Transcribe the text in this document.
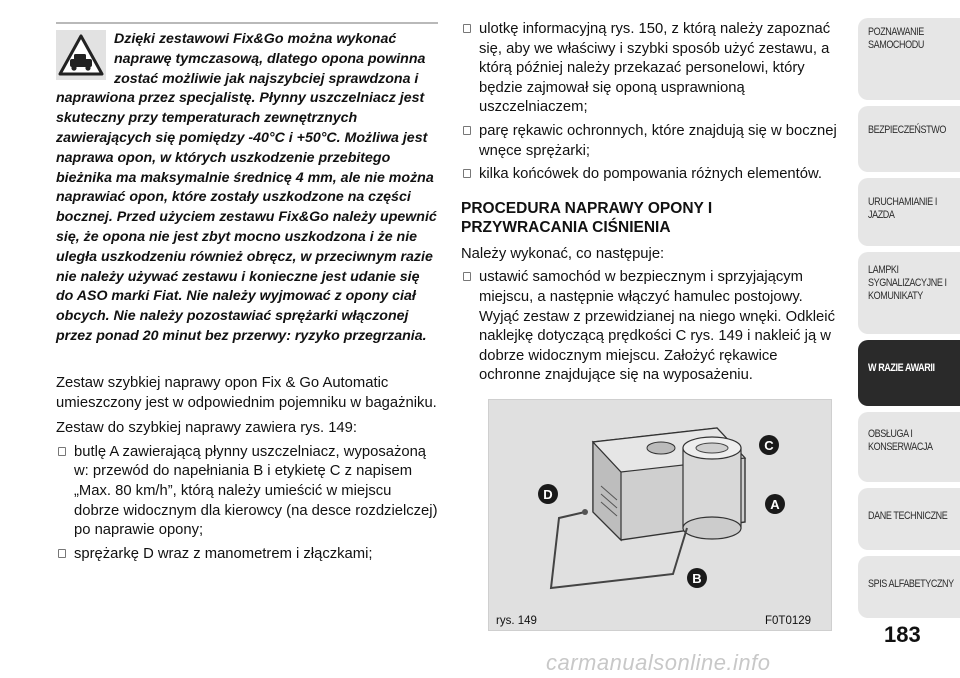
Dzięki zestawowi Fix&Go można wykonać naprawę tymczasową, dlatego opona powinna zostać możliwie jak najszybciej sprawdzona i naprawiona przez specjalistę. Płynny uszczelniacz jest skuteczny przy temperaturach zewnętrznych zawierających się pomiędzy -40°C i +50°C. Możliwa jest naprawa opon, w których uszkodzenie przebitego bieżnika ma maksymalnie średnicę 4 mm, ale nie można naprawiać opon, które zostały uszkodzone na części bocznej. Przed użyciem zestawu Fix&Go należy upewnić się, że opona nie jest zbyt mocno uszkodzona i że nie uległa uszkodzeniu również obręcz, w przeciwnym razie nie należy używać zestawu i konieczne jest udanie się do ASO marki Fiat. Nie należy wyjmować z opony ciał obcych. Nie należy pozostawiać sprężarki włączonej przez ponad 20 minut bez przerwy: ryzyko przegrzania.

Zestaw szybkiej naprawy opon Fix & Go Automatic umieszczony jest w odpowiednim pojemniku w bagażniku.

Zestaw do szybkiej naprawy zawiera rys. 149:

butlę A zawierającą płynny uszczelniacz, wyposażoną w: przewód do napełniania B i etykietę C z napisem „Max. 80 km/h”, którą należy umieścić w miejscu dobrze widocznym dla kierowcy (na desce rozdzielczej) po naprawie opony;
sprężarkę D wraz z manometrem i złączkami;
ulotkę informacyjną rys. 150, z którą należy zapoznać się, aby we właściwy i szybki sposób użyć zestawu, a którą później należy przekazać personelowi, który będzie zajmował się oponą usprawnioną uszczelniaczem;
parę rękawic ochronnych, które znajdują się w bocznej wnęce sprężarki;
kilka końcówek do pompowania różnych elementów.
PROCEDURA NAPRAWY OPONY I PRZYWRACANIA CIŚNIENIA

Należy wykonać, co następuje:

ustawić samochód w bezpiecznym i sprzyjającym miejscu, a następnie włączyć hamulec postojowy. Wyjąć zestaw z przewidzianej na niego wnęki. Odkleić naklejkę dotyczącą prędkości C rys. 149 i nakleić ją w dobrze widocznym miejscu. Założyć rękawice ochronne znajdujące się na wyposażeniu.
C
D
A
B
rys. 149	F0T0129
POZNAWANIE SAMOCHODU
BEZPIECZEŃSTWO
URUCHAMIANIE I JAZDA
LAMPKI SYGNALIZACYJNE I KOMUNIKATY
W RAZIE AWARII
OBSŁUGA I KONSERWACJA
DANE TECHNICZNE
SPIS ALFABETYCZNY
183
carmanualsonline.info
